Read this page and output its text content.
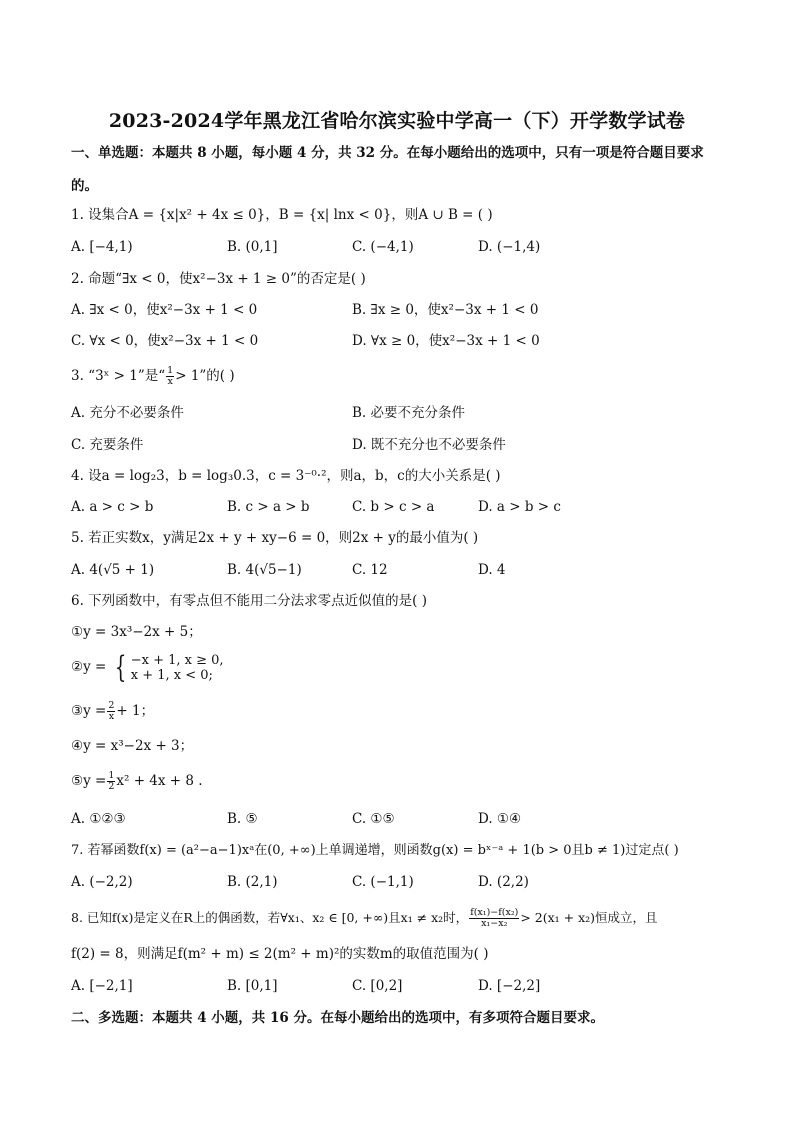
2023-2024学年黑龙江省哈尔滨实验中学高一（下）开学数学试卷
一、单选题：本题共 8 小题，每小题 4 分，共 32 分。在每小题给出的选项中，只有一项是符合题目要求
的。
1. 设集合A = {x|x² + 4x ≤ 0}，B = {x| lnx < 0}，则A ∪ B = ( )
A. [−4,1)	B. (0,1]	C. (−4,1)	D. (−1,4)
2. 命题“∃x < 0，使x²−3x + 1 ≥ 0”的否定是( )
A. ∃x < 0，使x²−3x + 1 < 0	B. ∃x ≥ 0，使x²−3x + 1 < 0
C. ∀x < 0，使x²−3x + 1 < 0	D. ∀x ≥ 0，使x²−3x + 1 < 0
3. “3ˣ > 1”是“ $\frac{1}{x} > 1$”的( )
A. 充分不必要条件	B. 必要不充分条件
C. 充要条件	D. 既不充分也不必要条件
4. 设a = log₂3，b = log₃0.3，c = 3⁻⁰·²，则a，b，c的大小关系是( )
A. a > c > b	B. c > a > b	C. b > c > a	D. a > b > c
5. 若正实数x，y满足2x + y + xy−6 = 0，则2x + y的最小值为( )
A. 4(√5 + 1)	B. 4(√5−1)	C. 12	D. 4
6. 下列函数中，有零点但不能用二分法求零点近似值的是( )
①y = 3x³−2x + 5；
②y = { −x + 1, x ≥ 0,
x + 1, x < 0;
③y = $\frac{2}{x} + 1$；
④y = x³−2x + 3；
⑤y = $\frac{1}{2} x^2 + 4x + 8$ .
A. ①②③	B. ⑤	C. ①⑤	D. ①④
7. 若幂函数f(x) = (a²−a−1)xᵃ在(0, +∞)上单调递增，则函数g(x) = bˣ⁻ᵃ + 1(b > 0且b ≠ 1)过定点( )
A. (−2,2)	B. (2,1)	C. (−1,1)	D. (2,2)
8. 已知f(x)是定义在R上的偶函数，若∀x₁、x₂ ∈ [0, +∞)且x₁ ≠ x₂时， $\frac{\text{f(x₁)−f(x₂)}}{\text{x₁−x₂}} > 2(x_1 + x_2)$恒成立，且
f(2) = 8，则满足f(m² + m) ≤ 2(m² + m)²的实数m的取值范围为( )
A. [−2,1]	B. [0,1]	C. [0,2]	D. [−2,2]
二、多选题：本题共 4 小题，共 16 分。在每小题给出的选项中，有多项符合题目要求。
